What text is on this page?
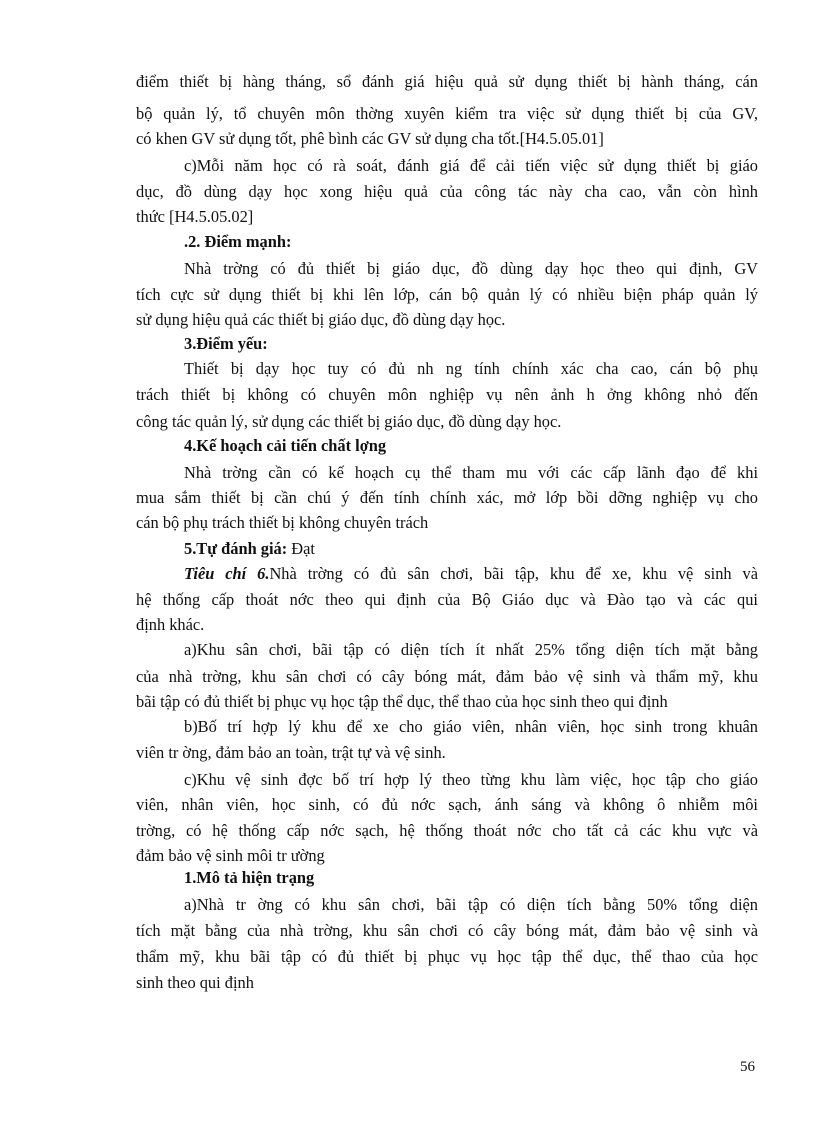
điểm thiết bị hàng tháng, sổ đánh giá hiệu quả sử dụng thiết bị hành tháng, cán
bộ quản lý, tổ chuyên môn thờng xuyên kiểm tra việc sử dụng thiết bị của GV,
có khen GV sử dụng tốt, phê bình các GV sử dụng cha tốt.[H4.5.05.01]
c)Mỗi năm học có rà soát, đánh giá để cải tiến việc sử dụng thiết bị giáo
dục, đồ dùng dạy học xong hiệu quả của công tác này cha cao, vẫn còn hình
thức [H4.5.05.02]
.2. Điểm mạnh:
Nhà trờng có đủ thiết bị giáo dục, đồ dùng dạy học theo qui định, GV
tích cực sử dụng thiết bị khi lên lớp, cán bộ quản lý có nhiều biện pháp quản lý
sử dụng hiệu quả các thiết bị giáo dục, đồ dùng dạy học.
3.Điểm yếu:
Thiết bị dạy học tuy có đủ nh ng tính chính xác cha cao, cán bộ phụ
trách thiết bị không có chuyên môn nghiệp vụ nên ảnh h ởng không nhỏ đến
công tác quản lý, sử dụng các thiết bị giáo dục, đồ dùng dạy học.
4.Kế hoạch cải tiến chất lợng
Nhà trờng cần có kế hoạch cụ thể tham mu với các cấp lãnh đạo để khi
mua sắm thiết bị cần chú ý đến tính chính xác, mở lớp bồi dỡng nghiệp vụ cho
cán bộ phụ trách thiết bị không chuyên trách
5.Tự đánh giá: Đạt
Tiêu chí 6.Nhà trờng có đủ sân chơi, bãi tập, khu để xe, khu vệ sinh và
hệ thống cấp thoát nớc theo qui định của Bộ Giáo dục và Đào tạo và các qui
định khác.
a)Khu sân chơi, bãi tập có diện tích ít nhất 25% tổng diện tích mặt bằng
của nhà trờng, khu sân chơi có cây bóng mát, đảm bảo vệ sinh và thẩm mỹ, khu
bãi tập có đủ thiết bị phục vụ học tập thể dục, thể thao của học sinh theo qui định
b)Bố trí hợp lý khu để xe cho giáo viên, nhân viên, học sinh trong khuân
viên tr ờng, đảm bảo an toàn, trật tự và vệ sinh.
c)Khu vệ sinh đợc bố trí hợp lý theo từng khu làm việc, học tập cho giáo
viên, nhân viên, học sinh, có đủ nớc sạch, ánh sáng và không ô nhiễm môi
trờng, có hệ thống cấp nớc sạch, hệ thống thoát nớc cho tất cả các khu vực và
đảm bảo vệ sinh môi tr ường
1.Mô tả hiện trạng
a)Nhà tr ờng có khu sân chơi, bãi tập có diện tích bằng 50% tổng diện
tích mặt bằng của nhà trờng, khu sân chơi có cây bóng mát, đảm bảo vệ sinh và
thẩm mỹ, khu bãi tập có đủ thiết bị phục vụ học tập thể dục, thể thao của học
sinh theo qui định
56
